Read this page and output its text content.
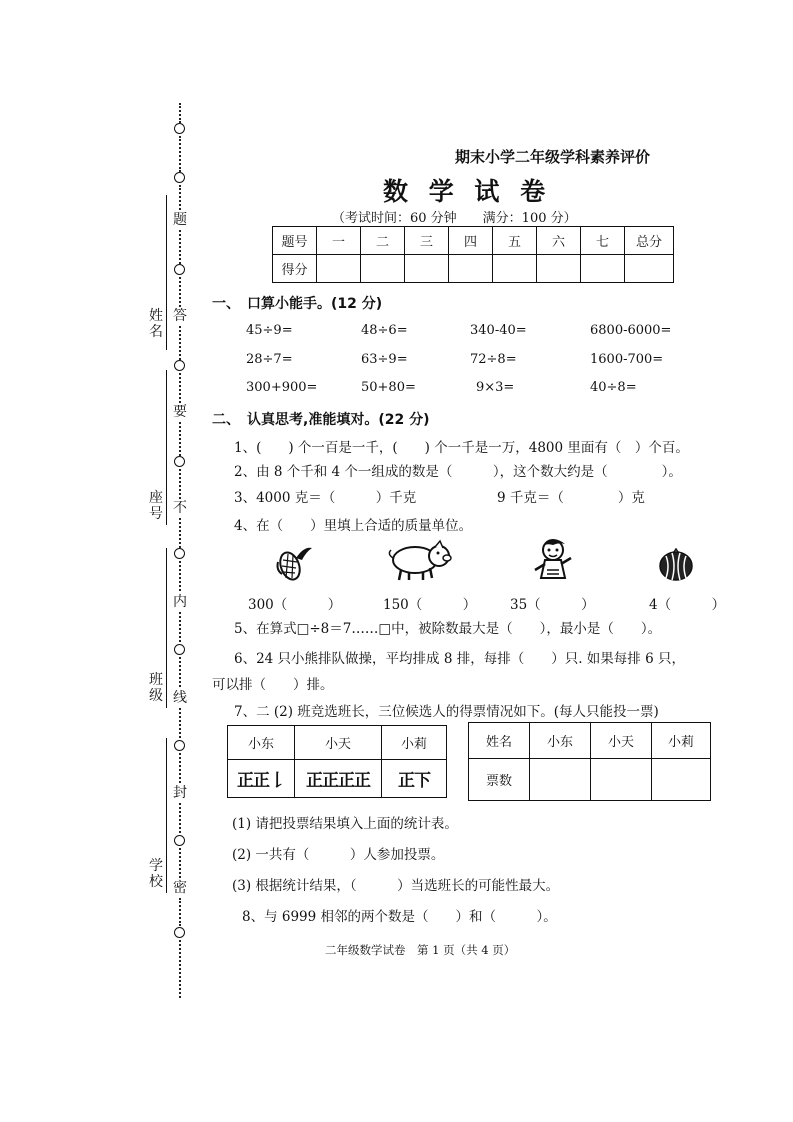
题
答
要
不
内
线
封
密
姓名
座号
班级
学校
期末小学二年级学科素养评价
数 学 试 卷
（考试时间：60 分钟　　满分：100 分）
题号	一	二	三	四	五	六	七	总分
得分								
一、　口算小能手。(12 分)
45÷9=	48÷6=	340-40=	6800-6000=
28÷7=	63÷9=	72÷8=	1600-700=
300+900=	50+80=	9×3=	40÷8=
二、　认真思考,准能填对。(22 分)
1、(　　) 个一百是一千，(　　) 个一千是一万，4800 里面有（　）个百。
2、由 8 个千和 4 个一组成的数是（　　　），这个数大约是（　　　　）。
3、4000 克＝（　　　）千克	9 千克＝（　　　　）克
4、在（　　）里填上合适的质量单位。
300（　　　）	150（　　　） 35（　　　）	4（　　　）
5、在算式□÷8＝7……□中，被除数最大是（　　），最小是（　　）。
6、24 只小熊排队做操，平均排成 8 排，每排（　　）只. 如果每排 6 只，
可以排（　　）排。
7、二 (2) 班竞选班长，三位候选人的得票情况如下。(每人只能投一票)
小东	小天	小莉
正正𠄌	正正正正	正下
姓名	小东	小天	小莉
票数			
(1) 请把投票结果填入上面的统计表。
(2) 一共有（　　　）人参加投票。
(3) 根据统计结果，（　　　）当选班长的可能性最大。
8、与 6999 相邻的两个数是（　　）和（　　　）。
二年级数学试卷　第 1 页（共 4 页）
